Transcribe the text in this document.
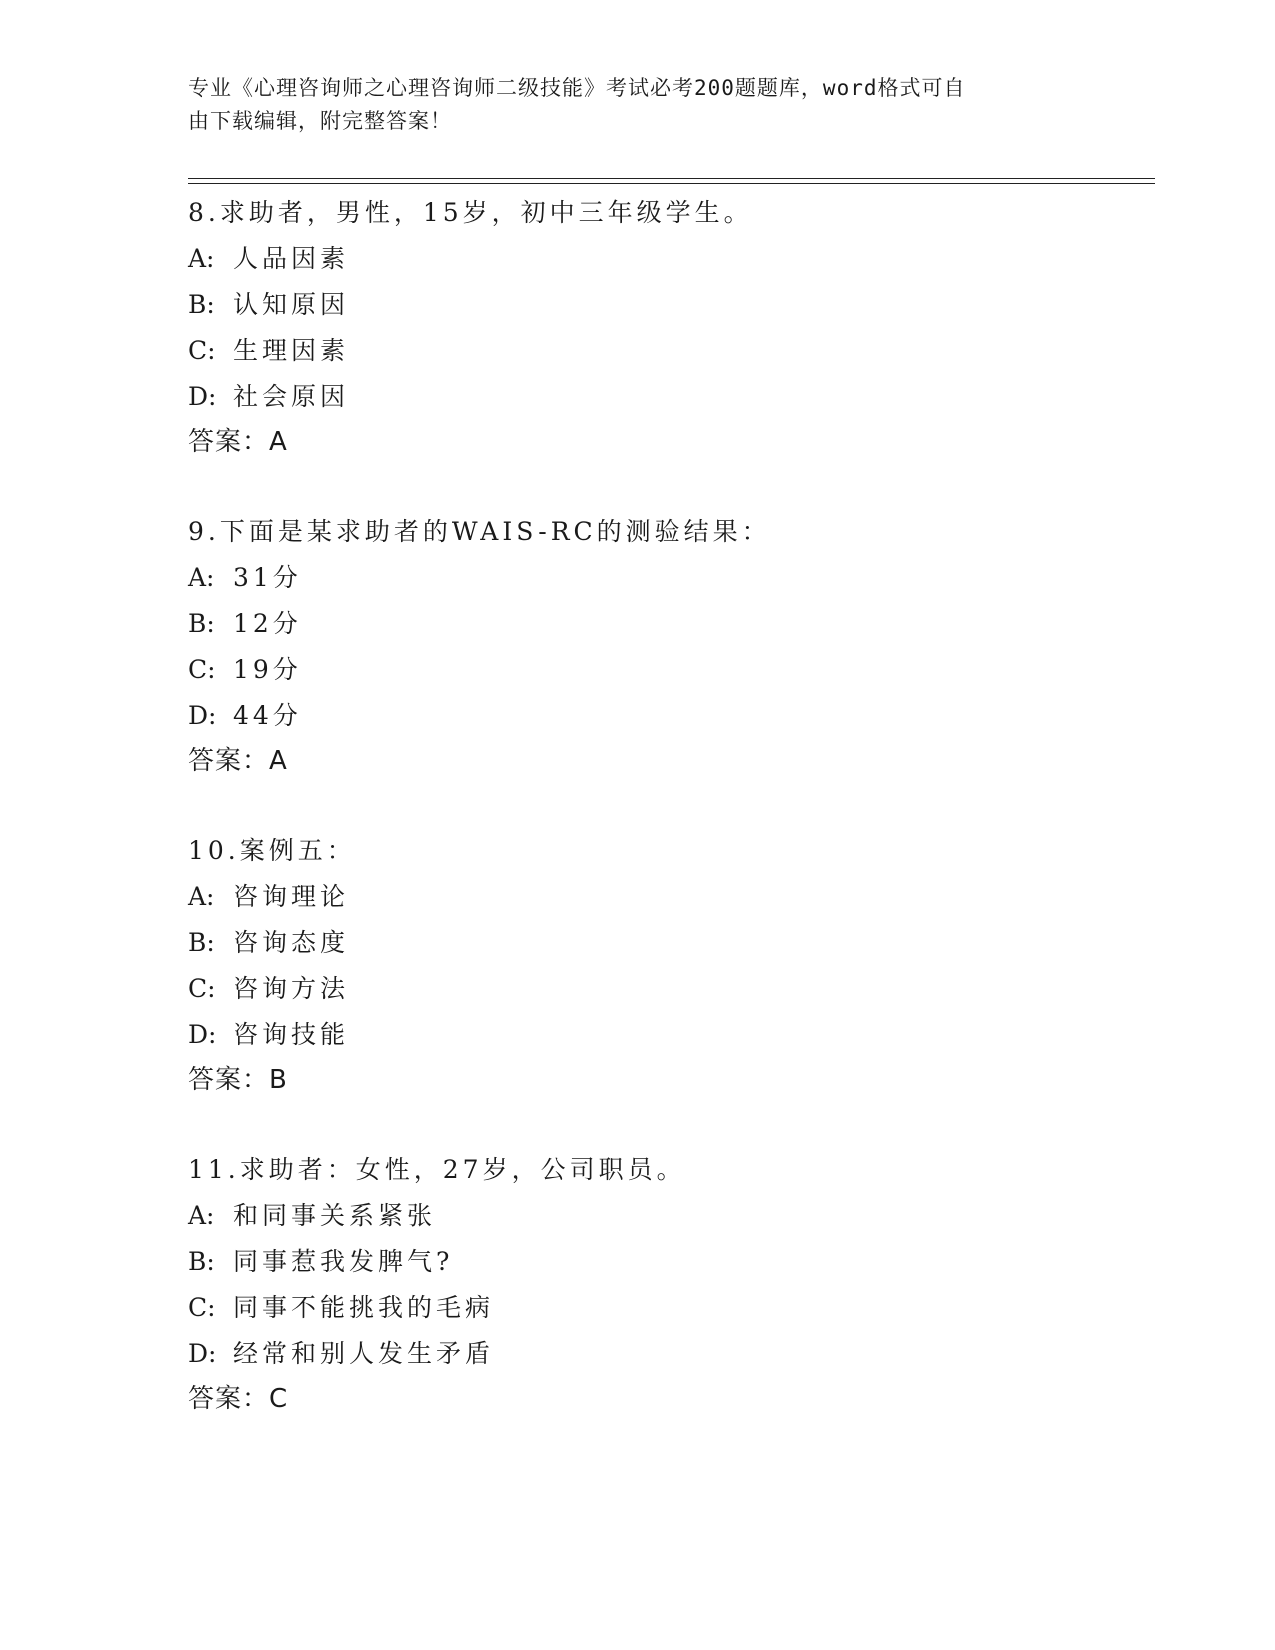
专业《心理咨询师之心理咨询师二级技能》考试必考200题题库，word格式可自
由下载编辑，附完整答案！
8.求助者，男性，15岁，初中三年级学生。
A: 人品因素
B: 认知原因
C: 生理因素
D: 社会原因
答案：A
9.下面是某求助者的WAIS-RC的测验结果：
A: 31分
B: 12分
C: 19分
D: 44分
答案：A
10.案例五：
A: 咨询理论
B: 咨询态度
C: 咨询方法
D: 咨询技能
答案：B
11.求助者：女性，27岁，公司职员。
A: 和同事关系紧张
B: 同事惹我发脾气?
C: 同事不能挑我的毛病
D: 经常和别人发生矛盾
答案：C
